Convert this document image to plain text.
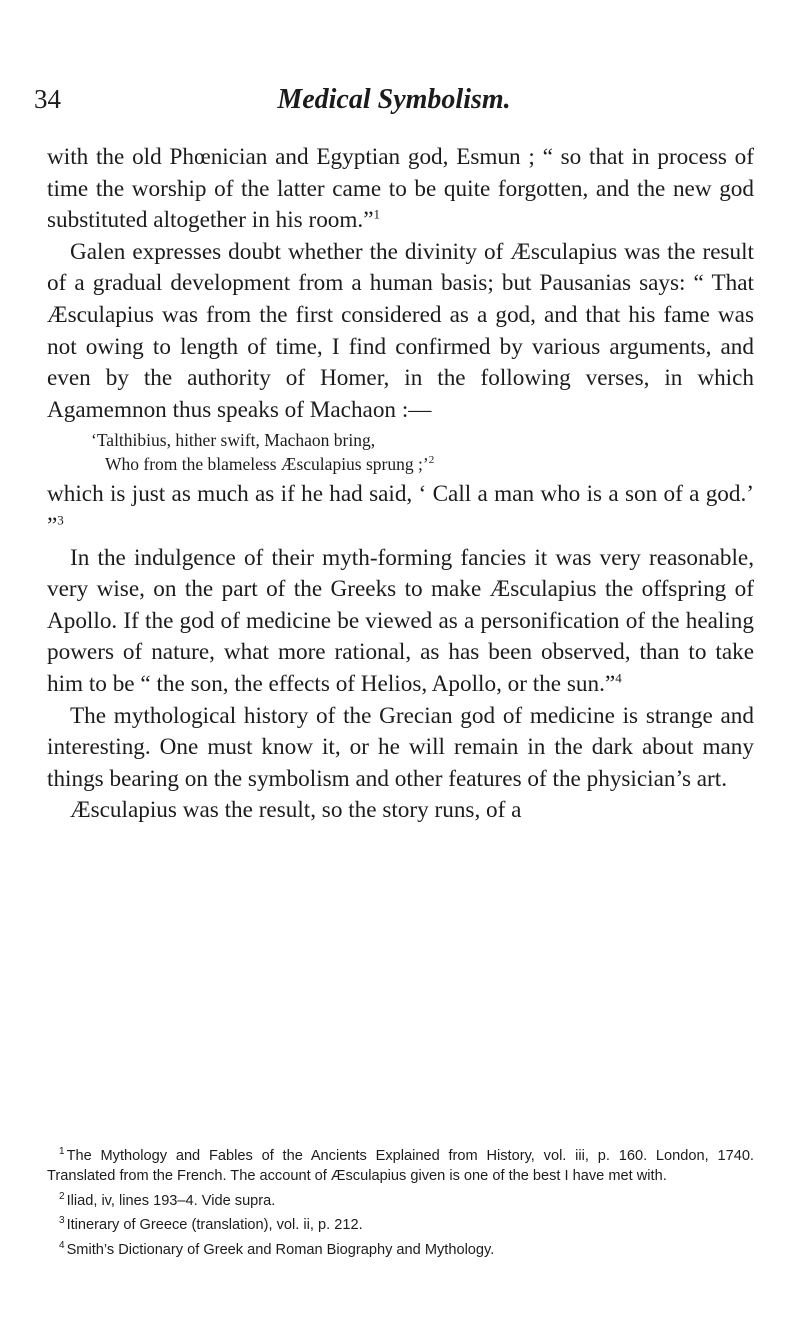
34	Medical Symbolism.

with the old Phœnician and Egyptian god, Esmun ; “ so that in process of time the worship of the latter came to be quite forgotten, and the new god substituted altogether in his room.”$^1$

Galen expresses doubt whether the divinity of Æsculapius was the result of a gradual development from a human basis; but Pausanias says: “ That Æsculapius was from the first considered as a god, and that his fame was not owing to length of time, I find confirmed by various arguments, and even by the authority of Homer, in the following verses, in which Agamemnon thus speaks of Machaon :—

‘Talthibius, hither swift, Machaon bring,
Who from the blameless Æsculapius sprung ;’$^2$

which is just as much as if he had said, ‘ Call a man who is a son of a god.’ ”$^3$

In the indulgence of their myth-forming fancies it was very reasonable, very wise, on the part of the Greeks to make Æsculapius the offspring of Apollo. If the god of medicine be viewed as a personification of the healing powers of nature, what more rational, as has been observed, than to take him to be “ the son, the effects of Helios, Apollo, or the sun.”$^4$

The mythological history of the Grecian god of medicine is strange and interesting. One must know it, or he will remain in the dark about many things bearing on the symbolism and other features of the physician’s art.

Æsculapius was the result, so the story runs, of a

$^1$ The Mythology and Fables of the Ancients Explained from History, vol. iii, p. 160. London, 1740. Translated from the French. The account of Æsculapius given is one of the best I have met with.

$^2$ Iliad, iv, lines 193–4. Vide supra.

$^3$ Itinerary of Greece (translation), vol. ii, p. 212.

$^4$ Smith’s Dictionary of Greek and Roman Biography and Mythology.
